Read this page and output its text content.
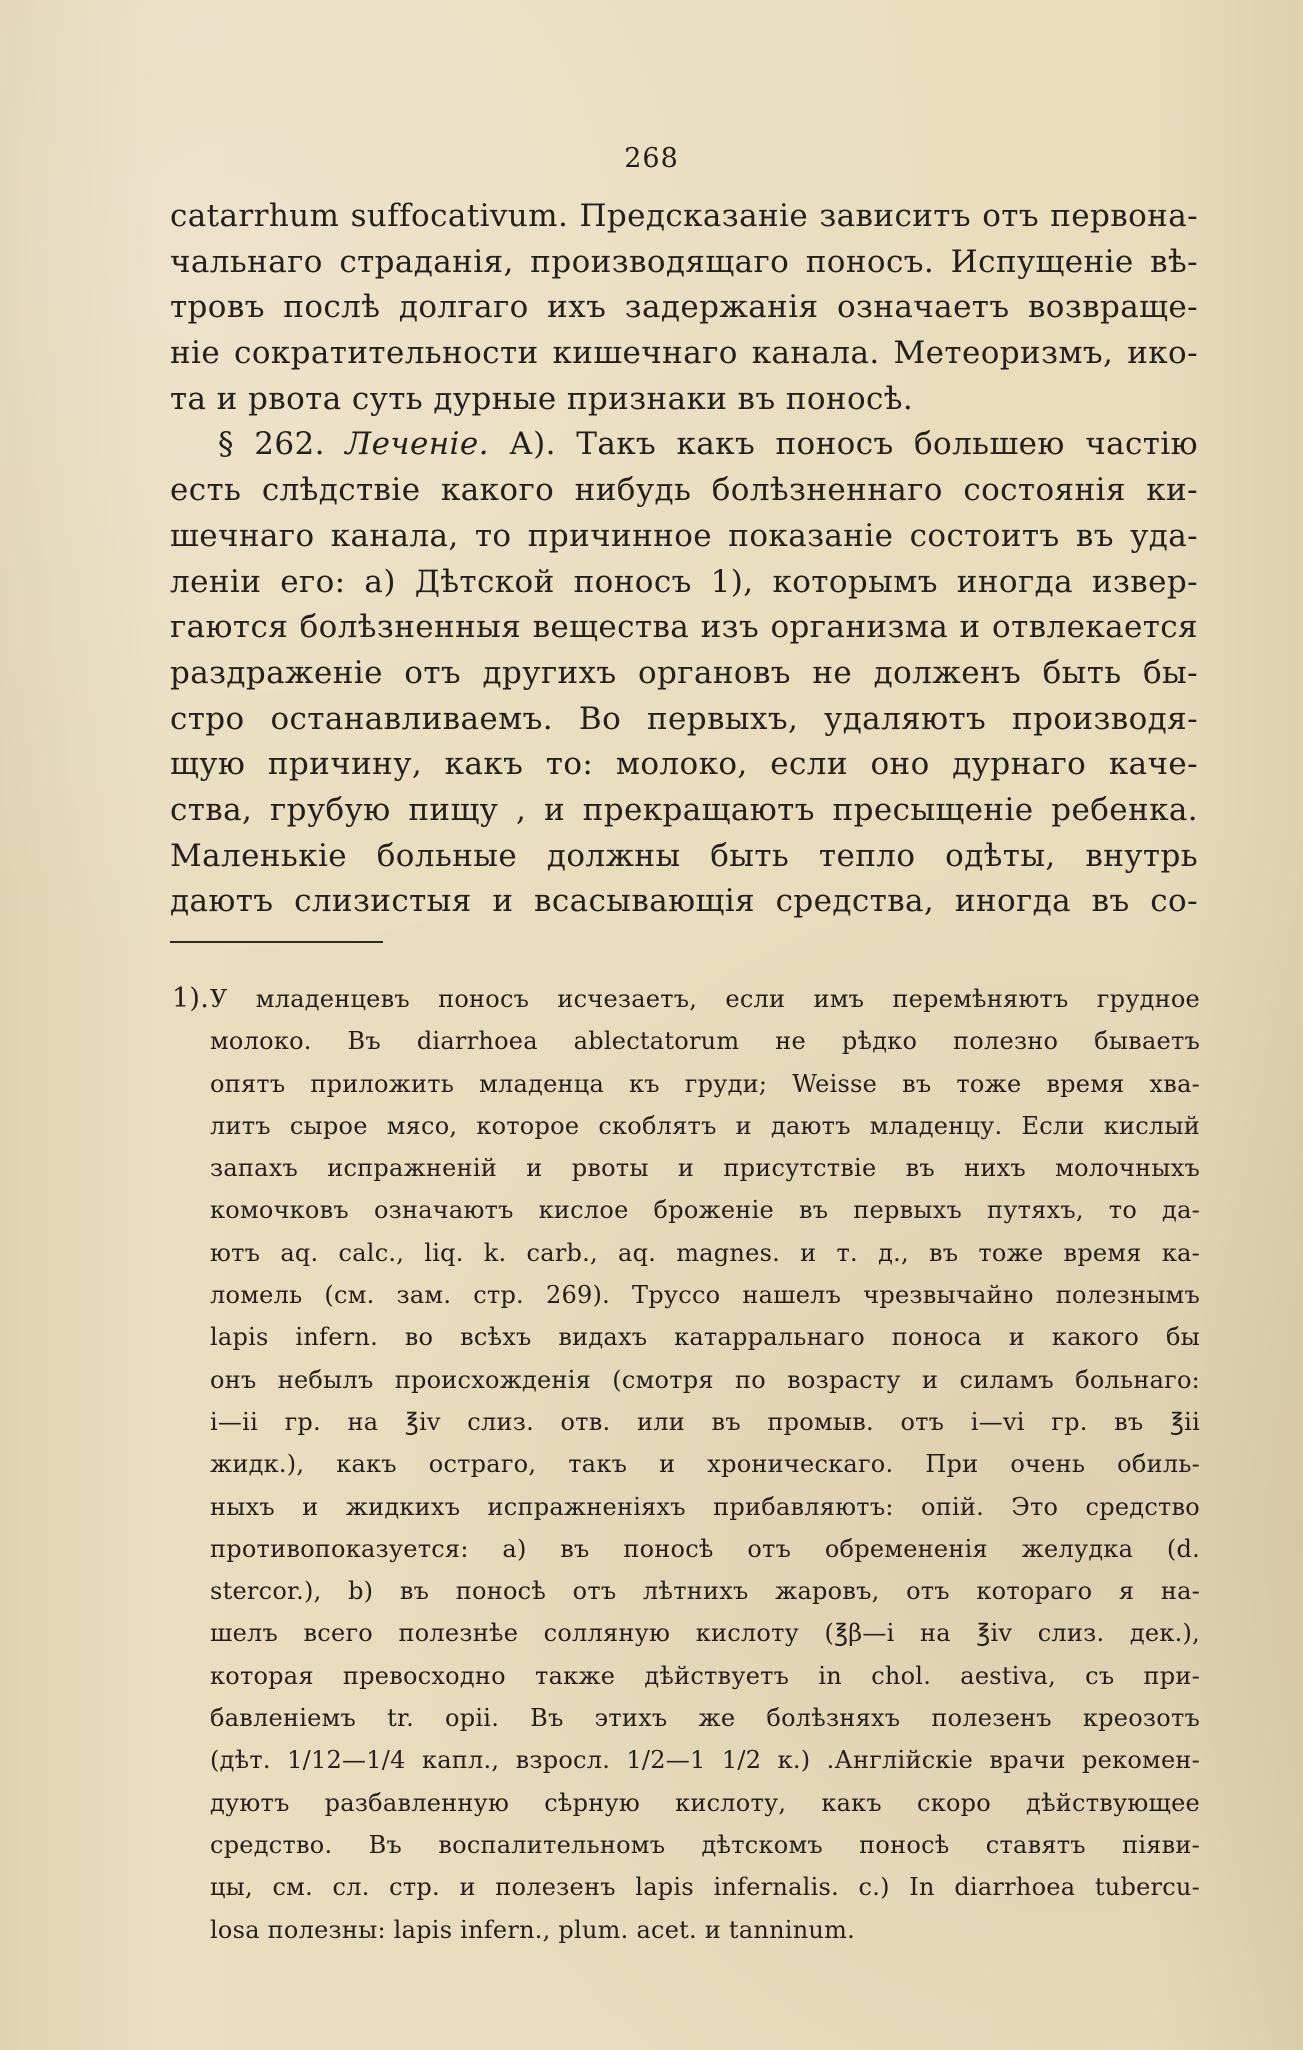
268
catarrhum suffocativum. Предсказаніе зависитъ отъ первона-
чальнаго страданія, производящаго поносъ. Испущеніе вѣ-
тровъ послѣ долгаго ихъ задержанія означаетъ возвраще-
ніе сократительности кишечнаго канала. Метеоризмъ, ико-
та и рвота суть дурные признаки въ поносѣ.
§ 262. Лечeніе. А). Такъ какъ поносъ большею частію
есть слѣдствіе какого нибудь болѣзненнаго состоянія ки-
шечнаго канала, то причинное показаніе состоитъ въ уда-
леніи его: а) Дѣтской поносъ 1), которымъ иногда извер-
гаются болѣзненныя вещества изъ организма и отвлекается
раздраженіе отъ другихъ органовъ не долженъ быть бы-
стро останавливаемъ. Во первыхъ, удаляютъ производя-
щую причину, какъ то: молоко, если оно дурнаго каче-
ства, грубую пищу , и прекращаютъ пресыщеніе ребенка.
Маленькіе больные должны быть тепло одѣты, внутрь
даютъ слизистыя и всасывающія средства, иногда въ со-
1). У младенцевъ поносъ исчезаетъ, если имъ перемѣняютъ грудное
молоко. Въ diarrhoea ablectatorum не рѣдко полезно бываетъ
опятъ приложить младенца къ груди; Weisse въ тоже время хва-
литъ сырое мясо, которое скоблятъ и даютъ младенцу. Если кислый
запахъ испражненій и рвоты и присутствіе въ нихъ молочныхъ
комочковъ означаютъ кислое броженіе въ первыхъ путяхъ, то да-
ютъ aq. calc., liq. k. carb., aq. magnes. и т. д., въ тоже время ка-
ломель (см. зам. стр. 269). Труссо нашелъ чрезвычайно полезнымъ
lapis infern. во всѣхъ видахъ катарральнаго поноса и какого бы
онъ небылъ происхожденія (смотря по возрасту и силамъ больнаго:
i—ii гр. на ℥iv слиз. отв. или въ промыв. отъ i—vi гр. въ ℥ii
жидк.), какъ остраго, такъ и хроническаго. При очень обиль-
ныхъ и жидкихъ испражненіяхъ прибавляютъ: опій. Это средство
противопоказуется: а) въ поносѣ отъ обремененія желудка (d.
stercor.), b) въ поносѣ отъ лѣтнихъ жаровъ, отъ котораго я на-
шелъ всего полезнѣе солляную кислоту (℥β—i на ℥iv слиз. дек.),
которая превосходно также дѣйствуетъ in chol. aestiva, съ при-
бавленіемъ tr. opii. Въ этихъ же болѣзняхъ полезенъ креозотъ
(дѣт. 1/12—1/4 капл., взросл. 1/2—1 1/2 к.) .Англійскіе врачи рекомен-
дуютъ разбавленную сѣрную кислоту, какъ скоро дѣйствующее
средство. Въ воспалительномъ дѣтскомъ поносѣ ставятъ піяви-
цы, см. сл. стр. и полезенъ lapis infernalis. c.) In diarrhoea tubercu-
losa полезны: lapis infern., plum. acet. и tanninum.
